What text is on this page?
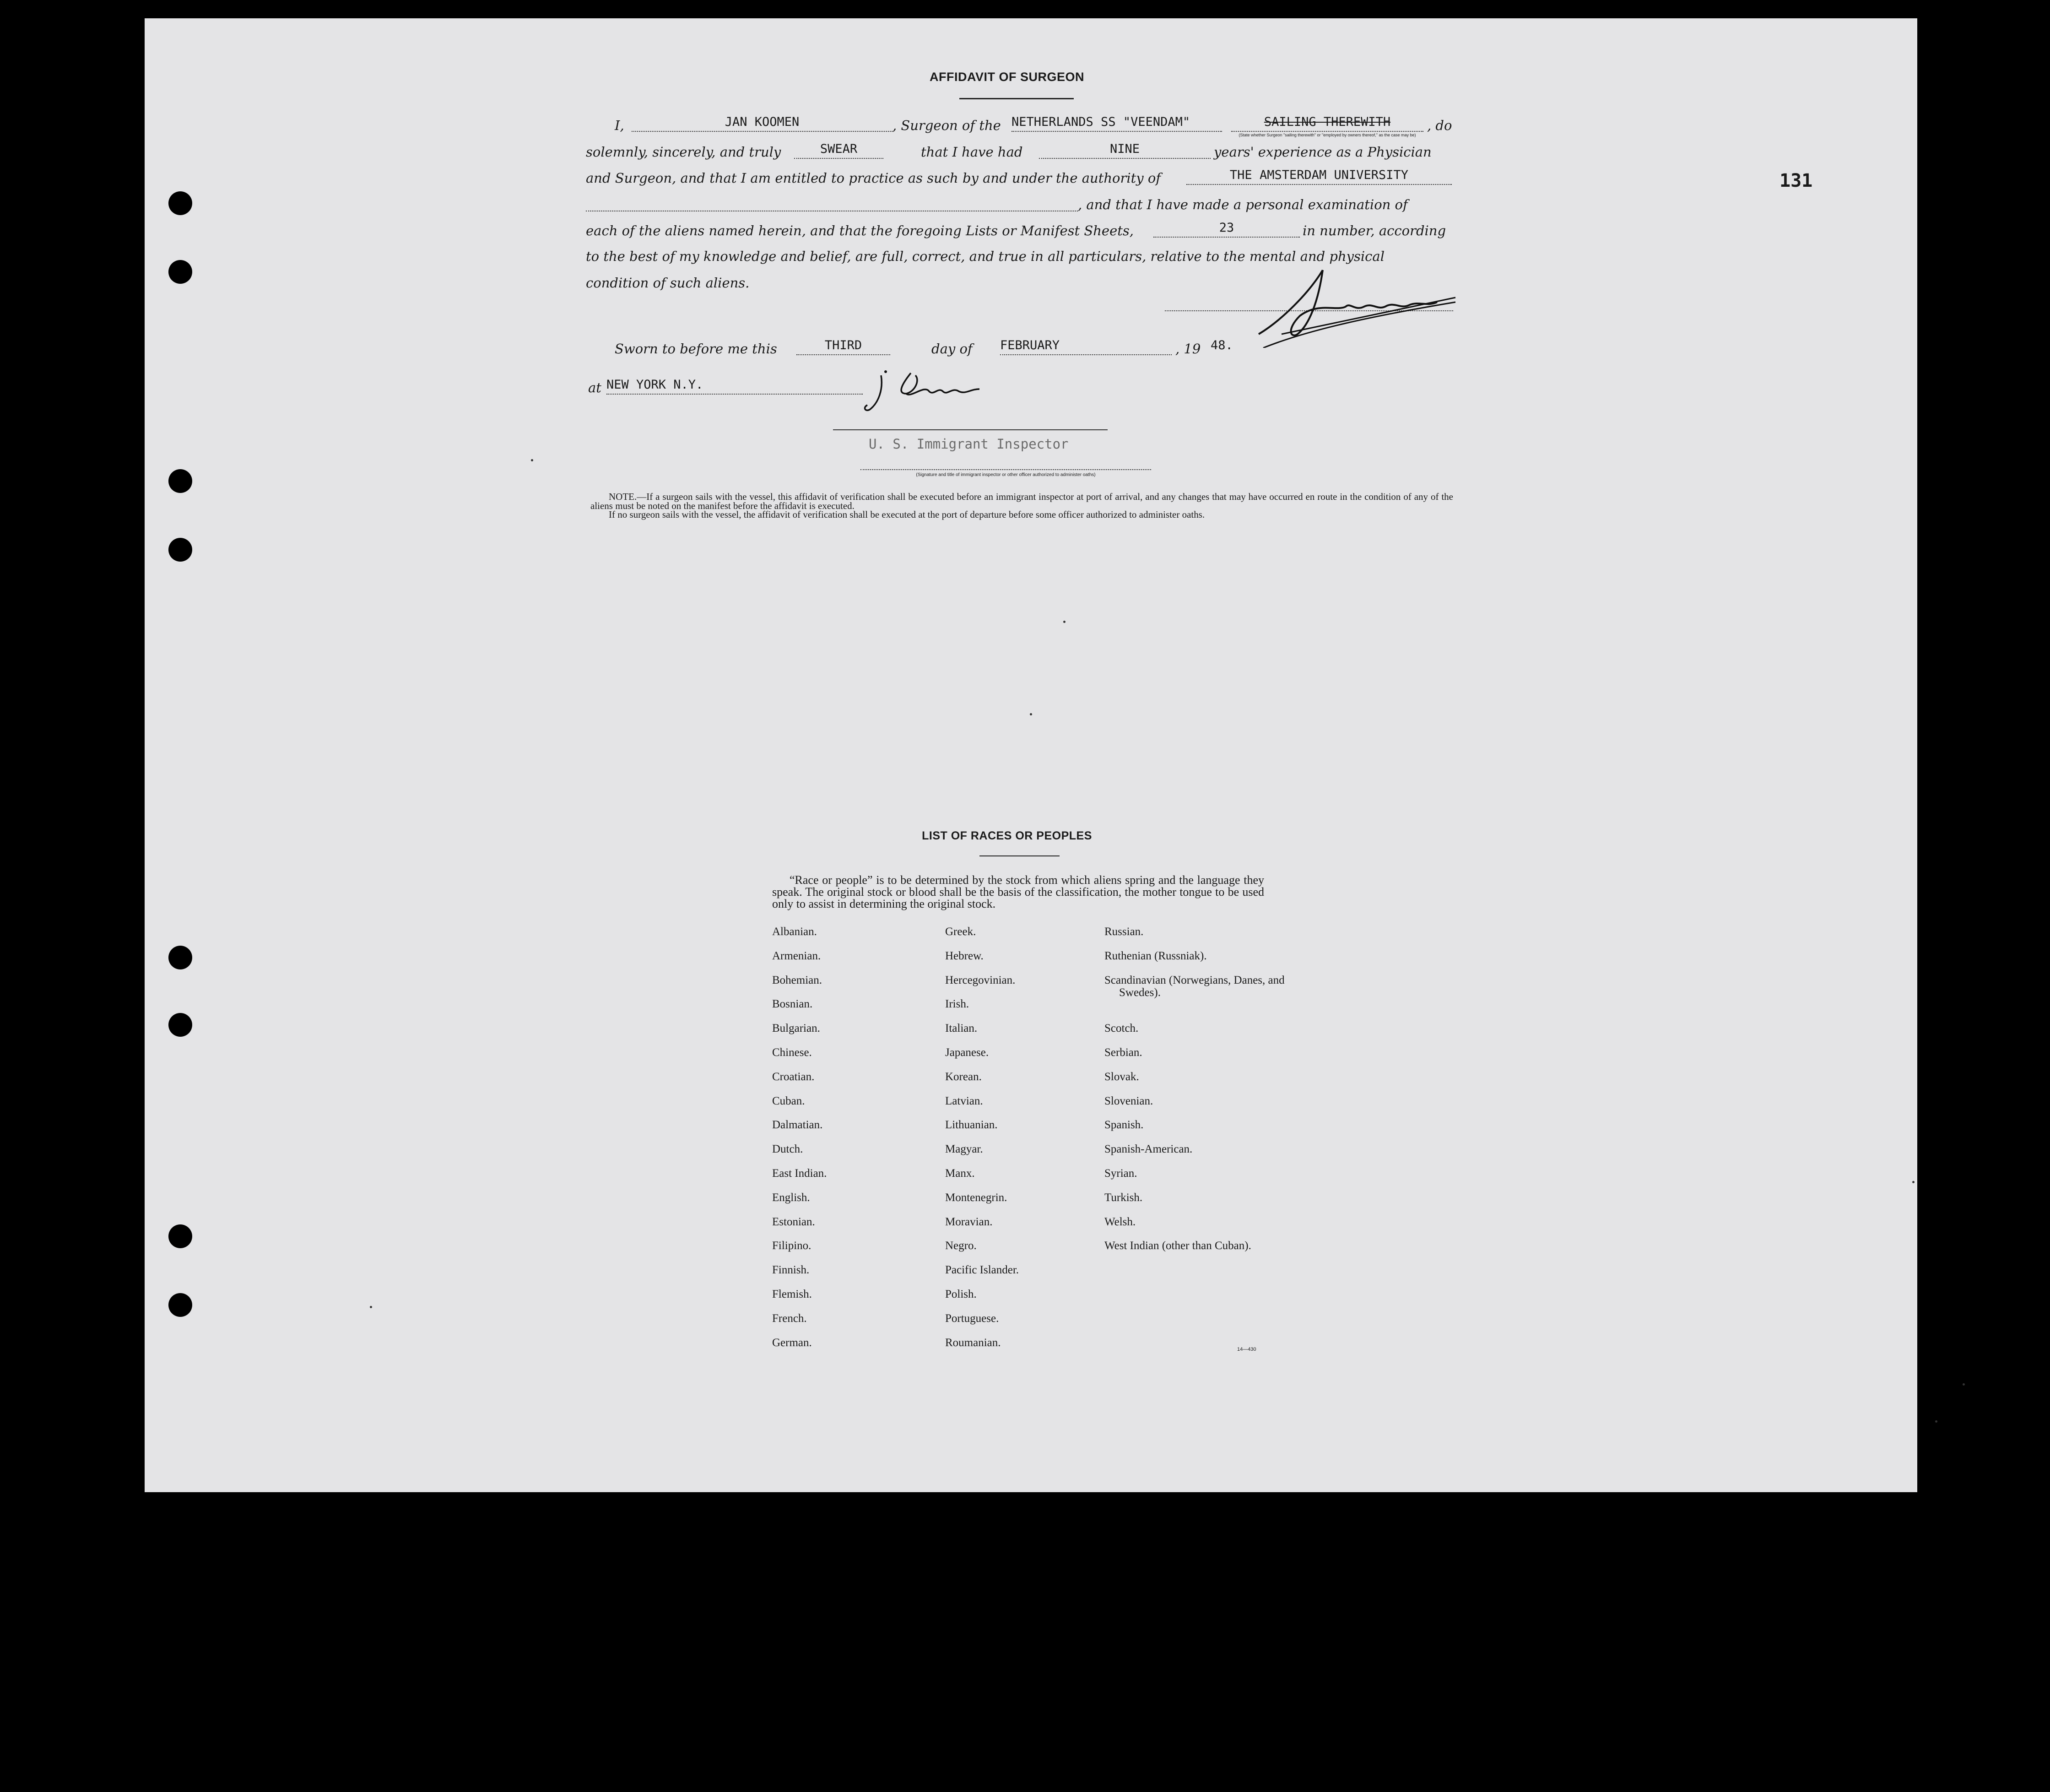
131
AFFIDAVIT OF SURGEON
I,	JAN KOOMEN	, Surgeon of the NETHERLANDS SS "VEENDAM"	SAILING THEREWITH	, do
(State whether Surgeon "sailing therewith" or "employed by owners thereof," as the case may be)
solemnly, sincerely, and truly	SWEAR	that I have had	NINE	years' experience as a Physician
and Surgeon, and that I am entitled to practice as such by and under the authority of	THE AMSTERDAM UNIVERSITY
, and that I have made a personal examination of
each of the aliens named herein, and that the foregoing Lists or Manifest Sheets,	23	in number, according
to the best of my knowledge and belief, are full, correct, and true in all particulars, relative to the mental and physical
condition of such aliens.
Sworn to before me this	THIRD	day of FEBRUARY	, 19 48.
at NEW YORK N.Y.
U. S. Immigrant Inspector
(Signature and title of immigrant inspector or other officer authorized to administer oaths)
NOTE.—If a surgeon sails with the vessel, this affidavit of verification shall be executed before an immigrant inspector at port of arrival, and any changes that may have occurred en route in the condition of any of the aliens must be noted on the manifest before the affidavit is executed.
If no surgeon sails with the vessel, the affidavit of verification shall be executed at the port of departure before some officer authorized to administer oaths.
LIST OF RACES OR PEOPLES
“Race or people” is to be determined by the stock from which aliens spring and the language they speak. The original stock or blood shall be the basis of the classification, the mother tongue to be used only to assist in determining the original stock.
Albanian.
Armenian.
Bohemian.
Bosnian.
Bulgarian.
Chinese.
Croatian.
Cuban.
Dalmatian.
Dutch.
East Indian.
English.
Estonian.
Filipino.
Finnish.
Flemish.
French.
German.
Greek.
Hebrew.
Hercegovinian.
Irish.
Italian.
Japanese.
Korean.
Latvian.
Lithuanian.
Magyar.
Manx.
Montenegrin.
Moravian.
Negro.
Pacific Islander.
Polish.
Portuguese.
Roumanian.
Russian.
Ruthenian (Russniak).
Scandinavian (Norwegians, Danes, and Swedes).
Scotch.
Serbian.
Slovak.
Slovenian.
Spanish.
Spanish-American.
Syrian.
Turkish.
Welsh.
West Indian (other than Cuban).
14—430
